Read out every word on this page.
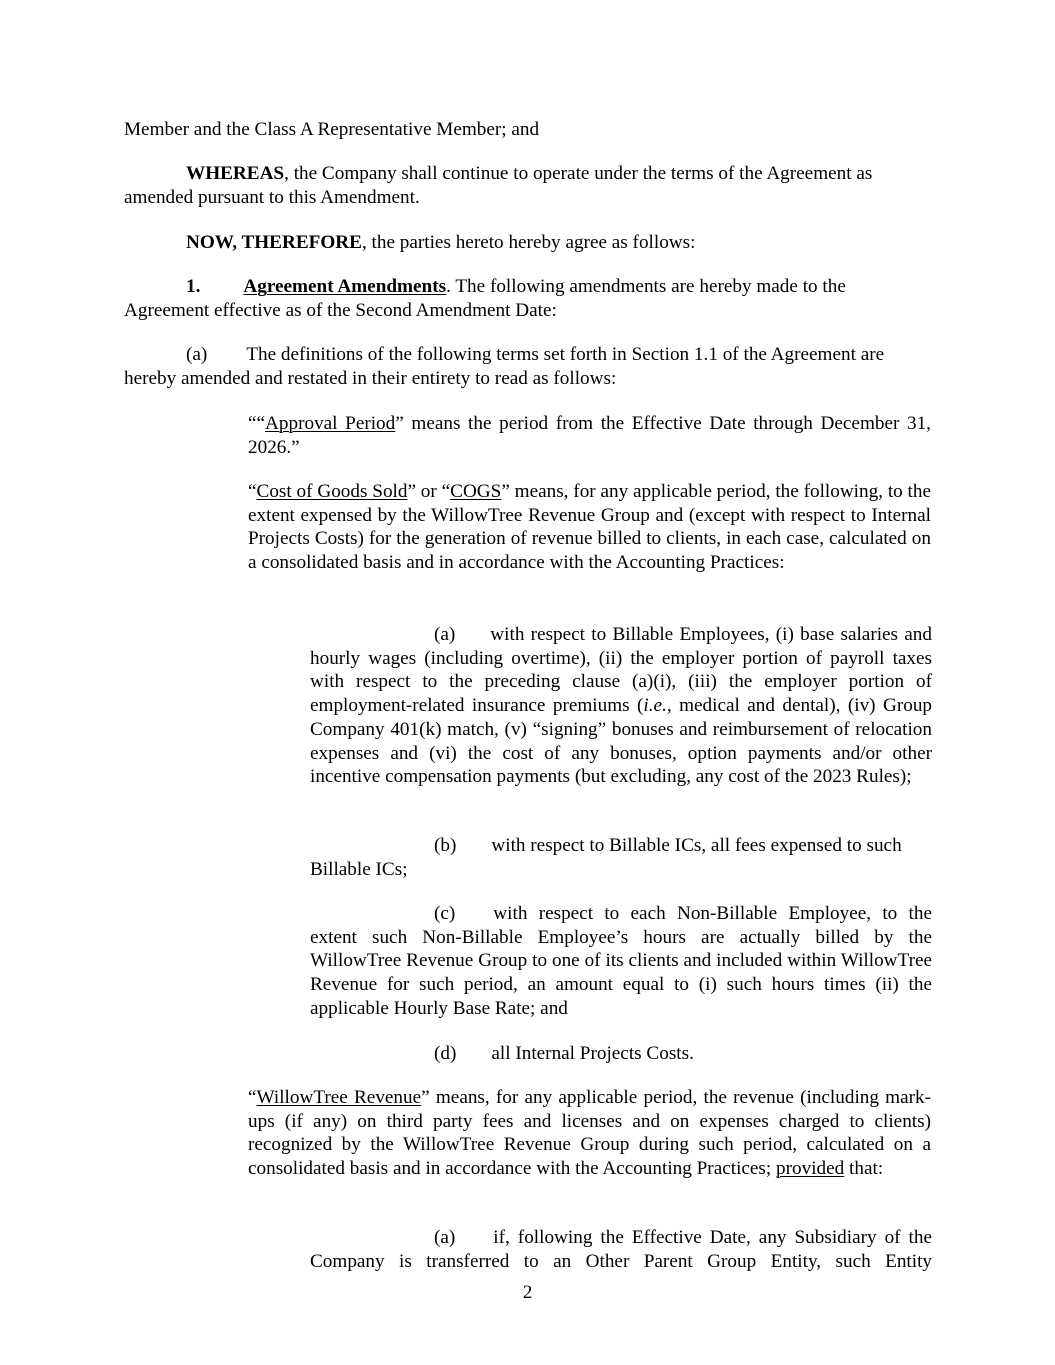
Member and the Class A Representative Member; and

WHEREAS, the Company shall continue to operate under the terms of the Agreement as

amended pursuant to this Amendment.

NOW, THEREFORE, the parties hereto hereby agree as follows:

1. Agreement Amendments. The following amendments are hereby made to the

Agreement effective as of the Second Amendment Date:

(a) The definitions of the following terms set forth in Section 1.1 of the Agreement are

hereby amended and restated in their entirety to read as follows:

““Approval Period” means the period from the Effective Date through December 31, 2026.”

“Cost of Goods Sold” or “COGS” means, for any applicable period, the following, to the extent expensed by the WillowTree Revenue Group and (except with respect to Internal Projects Costs) for the generation of revenue billed to clients, in each case, calculated on a consolidated basis and in accordance with the Accounting Practices:

(a) with respect to Billable Employees, (i) base salaries and hourly wages (including overtime), (ii) the employer portion of payroll taxes with respect to the preceding clause (a)(i), (iii) the employer portion of employment-related insurance premiums (i.e., medical and dental), (iv) Group Company 401(k) match, (v) “signing” bonuses and reimbursement of relocation expenses and (vi) the cost of any bonuses, option payments and/or other incentive compensation payments (but excluding, any cost of the 2023 Rules);

(b) with respect to Billable ICs, all fees expensed to such

Billable ICs;

(c) with respect to each Non-Billable Employee, to the extent such Non-Billable Employee’s hours are actually billed by the WillowTree Revenue Group to one of its clients and included within WillowTree Revenue for such period, an amount equal to (i) such hours times (ii) the applicable Hourly Base Rate; and

(d) all Internal Projects Costs.

“WillowTree Revenue” means, for any applicable period, the revenue (including mark-ups (if any) on third party fees and licenses and on expenses charged to clients) recognized by the WillowTree Revenue Group during such period, calculated on a consolidated basis and in accordance with the Accounting Practices; provided that:

(a) if, following the Effective Date, any Subsidiary of the Company is transferred to an Other Parent Group Entity, such Entity

2
